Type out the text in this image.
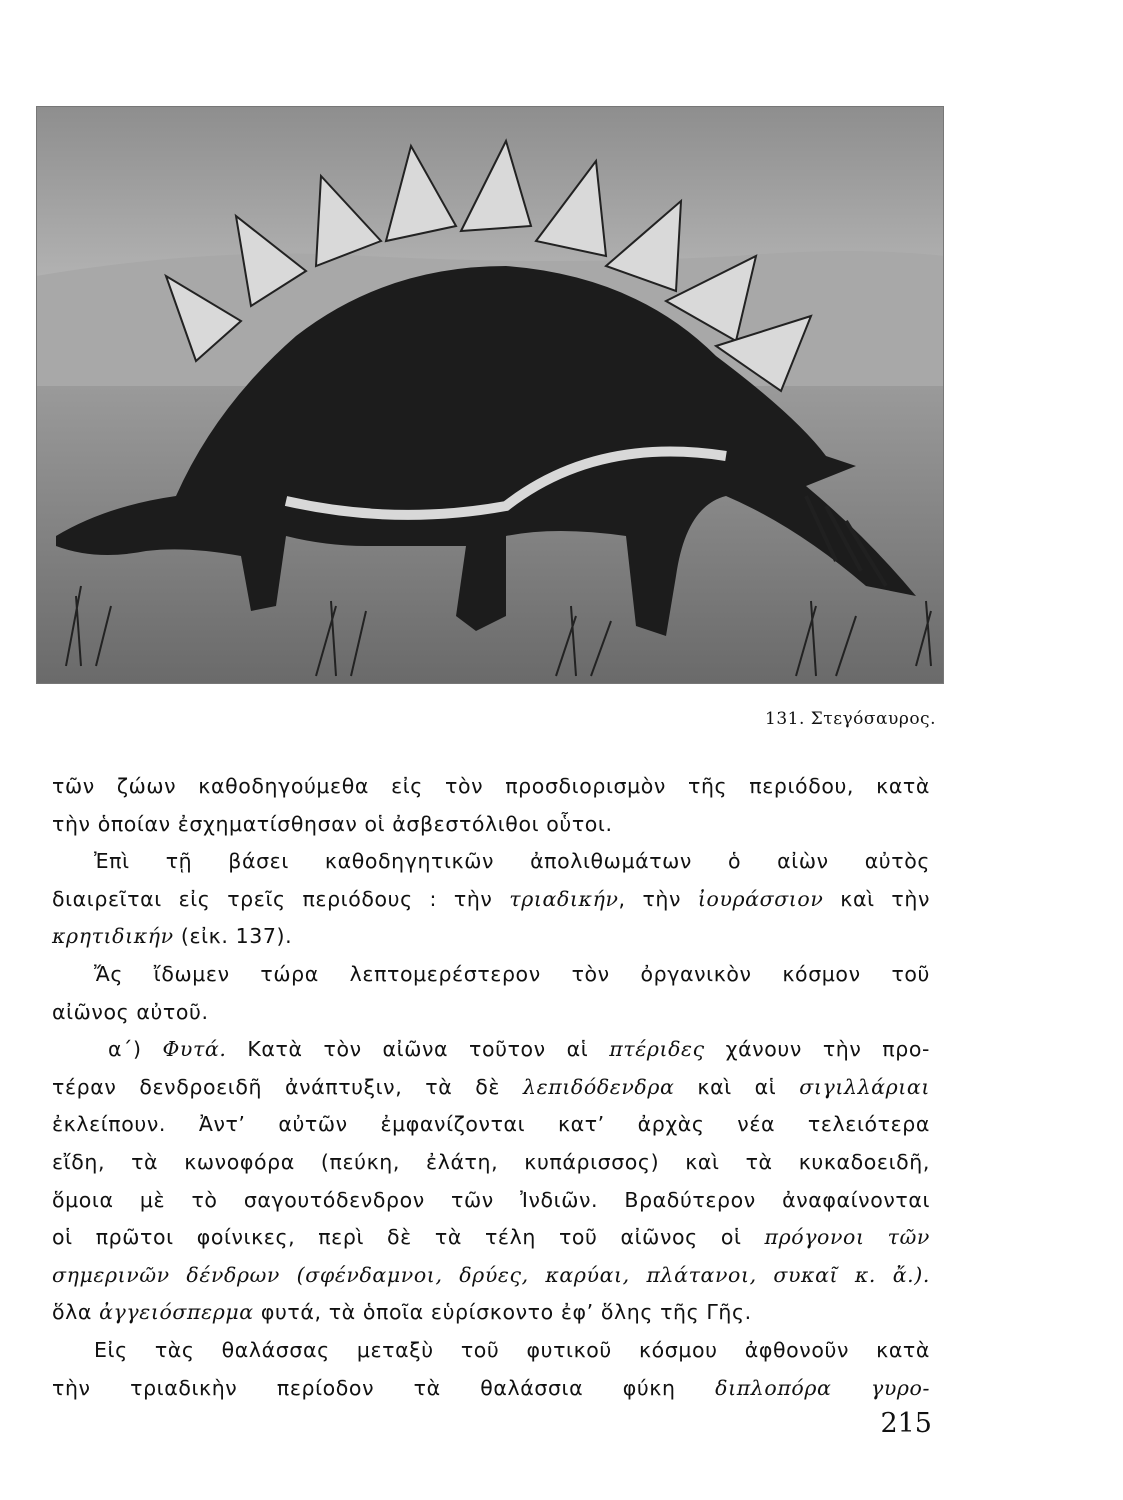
131. Στεγόσαυρος.
τῶν ζώων καθοδηγούμεθα εἰς τὸν προσδιορισμὸν τῆς περιόδου, κατὰ
τὴν ὁποίαν ἐσχηματίσθησαν οἱ ἀσβεστόλιθοι οὗτοι.
Ἐπὶ τῇ βάσει καθοδηγητικῶν ἀπολιθωμάτων ὁ αἰὼν αὐτὸς
διαιρεῖται εἰς τρεῖς περιόδους : τὴν τριαδικήν, τὴν ἰουράσσιον καὶ τὴν
κρητιδικήν (εἰκ. 137).
Ἄς ἴδωμεν τώρα λεπτομερέστερον τὸν ὀργανικὸν κόσμον τοῦ
αἰῶνος αὐτοῦ.
α΄) Φυτά. Κατὰ τὸν αἰῶνα τοῦτον αἱ πτέριδες χάνουν τὴν προ-
τέραν δενδροειδῆ ἀνάπτυξιν, τὰ δὲ λεπιδόδενδρα καὶ αἱ σιγιλλάριαι
ἐκλείπουν. Ἀντ’ αὐτῶν ἐμφανίζονται κατ’ ἀρχὰς νέα τελειότερα
εἴδη, τὰ κωνοφόρα (πεύκη, ἐλάτη, κυπάρισσος) καὶ τὰ κυκαδοειδῆ,
ὅμοια μὲ τὸ σαγουτόδενδρον τῶν Ἰνδιῶν. Βραδύτερον ἀναφαίνονται
οἱ πρῶτοι φοίνικες, περὶ δὲ τὰ τέλη τοῦ αἰῶνος οἱ πρόγονοι τῶν
σημερινῶν δένδρων (σφένδαμνοι, δρύες, καρύαι, πλάτανοι, συκαῖ κ. ἄ.).
ὅλα ἀγγειόσπερμα φυτά, τὰ ὁποῖα εὑρίσκοντο ἐφ’ ὅλης τῆς Γῆς.
Εἰς τὰς θαλάσσας μεταξὺ τοῦ φυτικοῦ κόσμου ἀφθονοῦν κατὰ
τὴν τριαδικὴν περίοδον τὰ θαλάσσια φύκη διπλοπόρα γυρο-
215
